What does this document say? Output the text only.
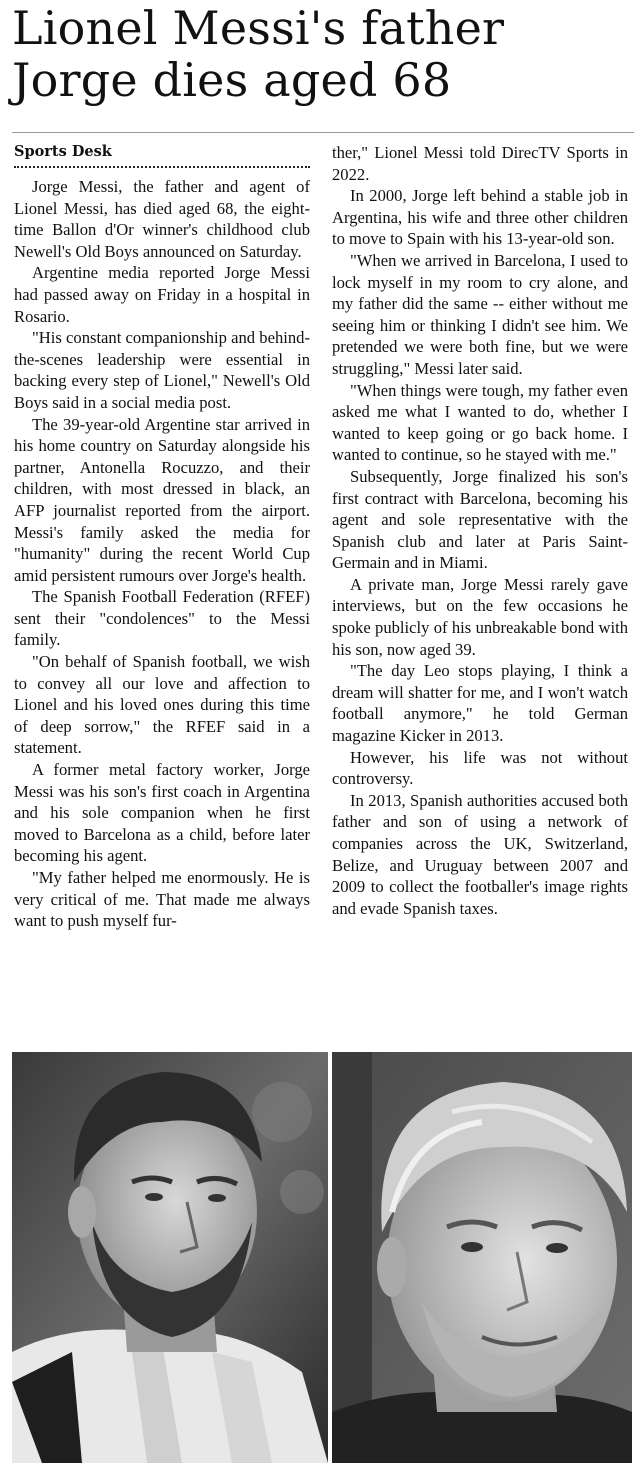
Lionel Messi's father Jorge dies aged 68
Sports Desk

Jorge Messi, the father and agent of Lionel Messi, has died aged 68, the eight-time Ballon d'Or winner's childhood club Newell's Old Boys announced on Saturday.

Argentine media reported Jorge Messi had passed away on Friday in a hospital in Rosario.

"His constant companionship and behind-the-scenes leadership were essential in backing every step of Lionel," Newell's Old Boys said in a social media post.

The 39-year-old Argentine star arrived in his home country on Saturday alongside his partner, Antonella Rocuzzo, and their children, with most dressed in black, an AFP journalist reported from the airport. Messi's family asked the media for "humanity" during the recent World Cup amid persistent rumours over Jorge's health.

The Spanish Football Federation (RFEF) sent their "condolences" to the Messi family.

"On behalf of Spanish football, we wish to convey all our love and affection to Lionel and his loved ones during this time of deep sorrow," the RFEF said in a statement.

A former metal factory worker, Jorge Messi was his son's first coach in Argentina and his sole companion when he first moved to Barcelona as a child, before later becoming his agent.

"My father helped me enormously. He is very critical of me. That made me always want to push myself fur-

ther," Lionel Messi told DirecTV Sports in 2022.

In 2000, Jorge left behind a stable job in Argentina, his wife and three other children to move to Spain with his 13-year-old son.

"When we arrived in Barcelona, I used to lock myself in my room to cry alone, and my father did the same -- either without me seeing him or thinking I didn't see him. We pretended we were both fine, but we were struggling," Messi later said.

"When things were tough, my father even asked me what I wanted to do, whether I wanted to keep going or go back home. I wanted to continue, so he stayed with me."

Subsequently, Jorge finalized his son's first contract with Barcelona, becoming his agent and sole representative with the Spanish club and later at Paris Saint-Germain and in Miami.

A private man, Jorge Messi rarely gave interviews, but on the few occasions he spoke publicly of his unbreakable bond with his son, now aged 39.

"The day Leo stops playing, I think a dream will shatter for me, and I won't watch football anymore," he told German magazine Kicker in 2013.

However, his life was not without controversy.

In 2013, Spanish authorities accused both father and son of using a network of companies across the UK, Switzerland, Belize, and Uruguay between 2007 and 2009 to collect the footballer's image rights and evade Spanish taxes.
